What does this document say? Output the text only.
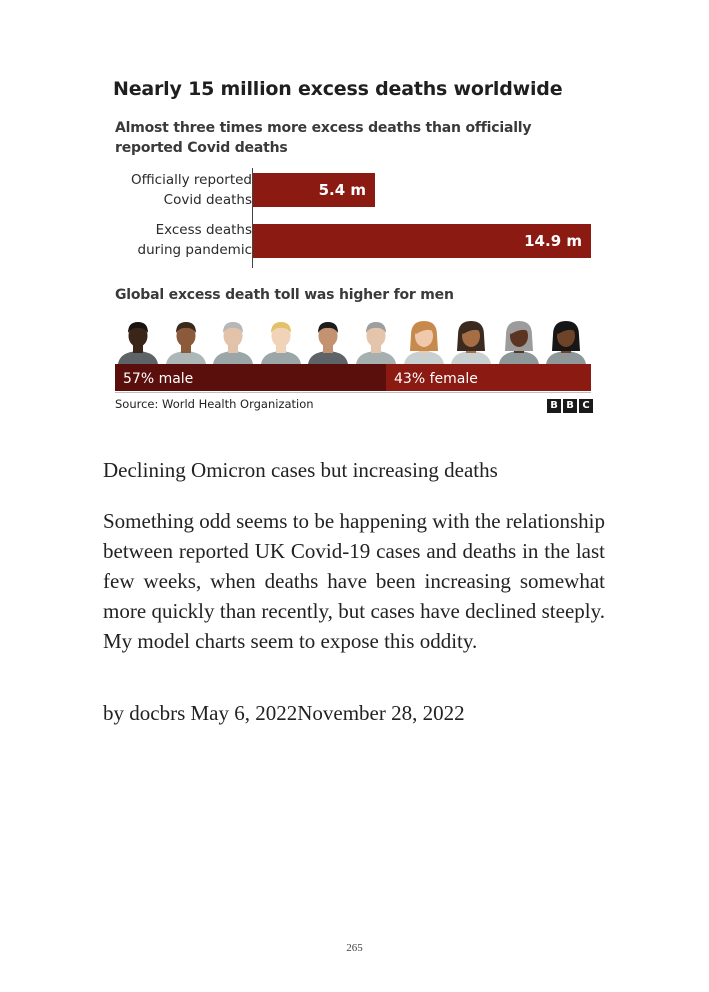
Nearly 15 million excess deaths worldwide
Almost three times more excess deaths than officially reported Covid deaths
Officially reported
Covid deaths
5.4 m
Excess deaths
during pandemic	14.9 m
Global excess death toll was higher for men
57% male	43% female
Source: World Health Organization	B B C
Declining Omicron cases but increasing deaths

Something odd seems to be happening with the relationship between reported UK Covid-19 cases and deaths in the last few weeks, when deaths have been increasing somewhat more quickly than recently, but cases have declined steeply. My model charts seem to expose this oddity.

by docbrs May 6, 2022November 28, 2022
265
